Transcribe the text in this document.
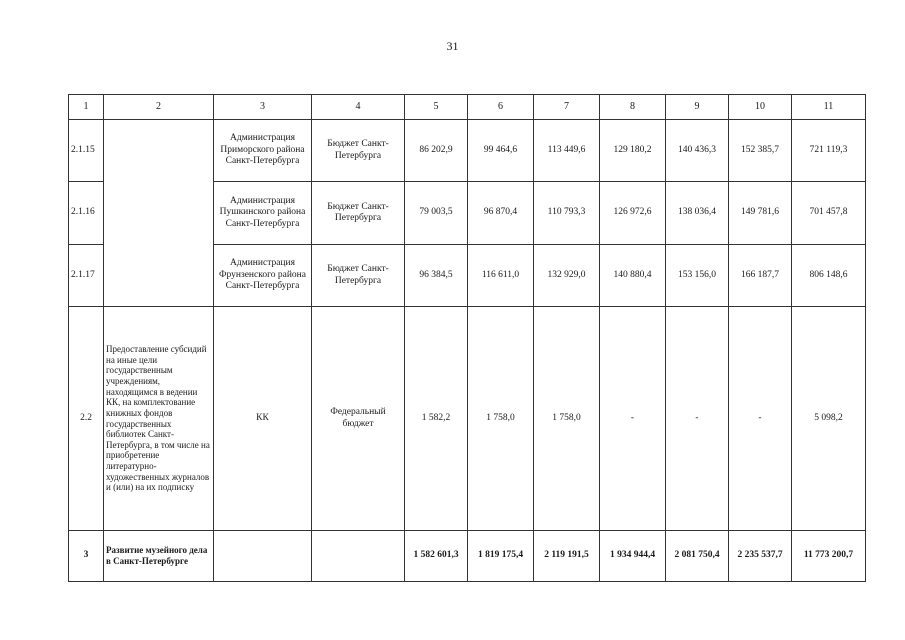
31
1	2	3	4	5	6	7	8	9	10	11
2.1.15		Администрация Приморского района Санкт-Петербурга	Бюджет Санкт-Петербурга	86 202,9	99 464,6	113 449,6	129 180,2	140 436,3	152 385,7	721 119,3
2.1.16		Администрация Пушкинского района Санкт-Петербурга	Бюджет Санкт-Петербурга	79 003,5	96 870,4	110 793,3	126 972,6	138 036,4	149 781,6	701 457,8
2.1.17		Администрация Фрунзенского района Санкт-Петербурга	Бюджет Санкт-Петербурга	96 384,5	116 611,0	132 929,0	140 880,4	153 156,0	166 187,7	806 148,6
2.2	Предоставление субсидий на иные цели государственным учреждениям, находящимся в ведении КК, на комплектование книжных фондов государственных библиотек Санкт-Петербурга, в том числе на приобретение литературно-художественных журналов и (или) на их подписку	КК	Федеральный бюджет	1 582,2	1 758,0	1 758,0	-	-	-	5 098,2
3	Развитие музейного дела в Санкт-Петербурге			1 582 601,3	1 819 175,4	2 119 191,5	1 934 944,4	2 081 750,4	2 235 537,7	11 773 200,7
